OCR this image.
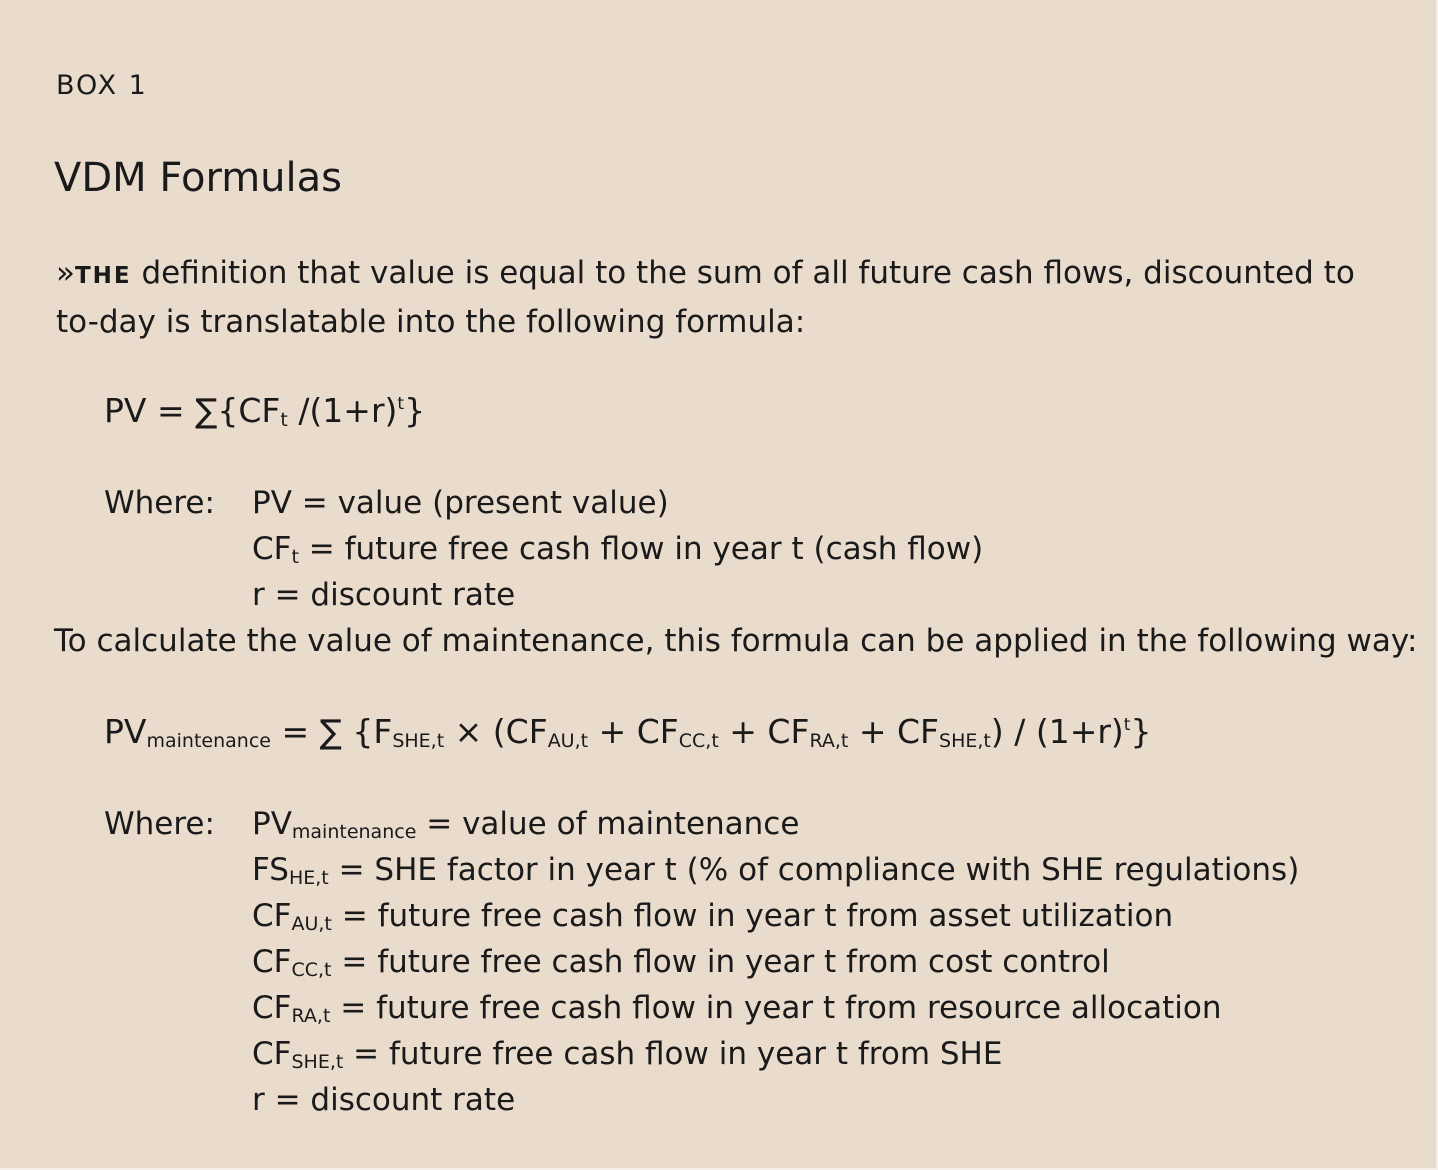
BOX 1
VDM Formulas
»THE definition that value is equal to the sum of all future cash flows, discounted to to-day is translatable into the following formula:
PV = $\sum\{CF_t$ $/(1+r)^t$}
Where: PV = value (present value)
$CF_t$ = future free cash flow in year t (cash flow)
r = discount rate
To calculate the value of maintenance, this formula can be applied in the following way:
$PV_{maintenance}$ = ∑ $\{F_{SHE,t} \times (CF_{AU,t} + CF_{CC,t} + CF_{RA,t} + CF_{SHE,t}) / (1+r)^t\}$
Where: $PV_{maintenance}$ = value of maintenance
$FS_{HE,t}$ = SHE factor in year t (% of compliance with SHE regulations)
$CF_{AU,t}$ = future free cash flow in year t from asset utilization
$CF_{CC,t}$ = future free cash flow in year t from cost control
$CF_{RA,t}$ = future free cash flow in year t from resource allocation
$CF_{SHE,t}$ = future free cash flow in year t from SHE
r = discount rate
